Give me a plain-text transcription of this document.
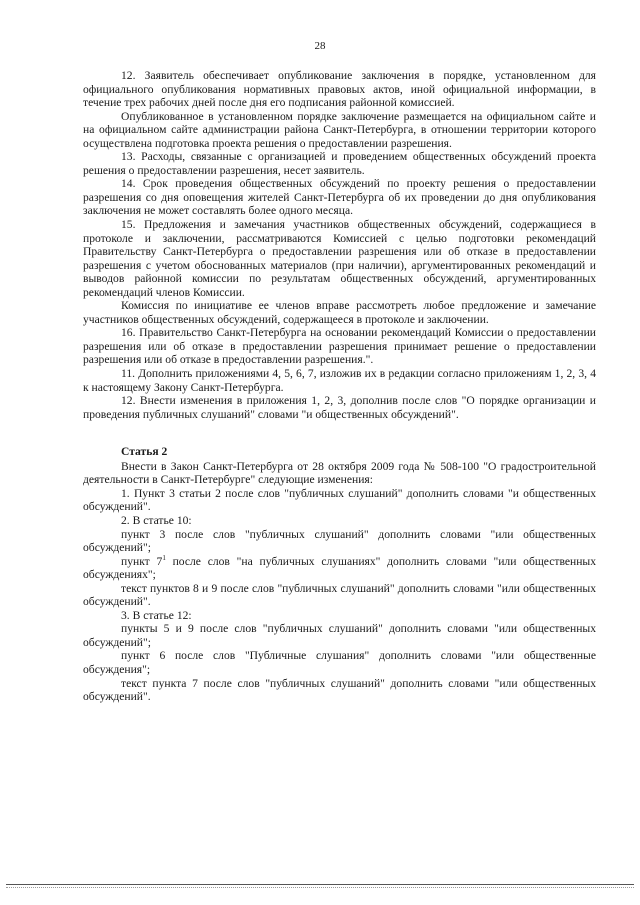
28

12. Заявитель обеспечивает опубликование заключения в порядке, установленном для официального опубликования нормативных правовых актов, иной официальной информации, в течение трех рабочих дней после дня его подписания районной комиссией.

Опубликованное в установленном порядке заключение размещается на официальном сайте и на официальном сайте администрации района Санкт-Петербурга, в отношении территории которого осуществлена подготовка проекта решения о предоставлении разрешения.

13. Расходы, связанные с организацией и проведением общественных обсуждений проекта решения о предоставлении разрешения, несет заявитель.

14. Срок проведения общественных обсуждений по проекту решения о предоставлении разрешения со дня оповещения жителей Санкт-Петербурга об их проведении до дня опубликования заключения не может составлять более одного месяца.

15. Предложения и замечания участников общественных обсуждений, содержащиеся в протоколе и заключении, рассматриваются Комиссией с целью подготовки рекомендаций Правительству Санкт-Петербурга о предоставлении разрешения или об отказе в предоставлении разрешения с учетом обоснованных материалов (при наличии), аргументированных рекомендаций и выводов районной комиссии по результатам общественных обсуждений, аргументированных рекомендаций членов Комиссии.

Комиссия по инициативе ее членов вправе рассмотреть любое предложение и замечание участников общественных обсуждений, содержащееся в протоколе и заключении.

16. Правительство Санкт-Петербурга на основании рекомендаций Комиссии о предоставлении разрешения или об отказе в предоставлении разрешения принимает решение о предоставлении разрешения или об отказе в предоставлении разрешения.".

11. Дополнить приложениями 4, 5, 6, 7, изложив их в редакции согласно приложениям 1, 2, 3, 4 к настоящему Закону Санкт-Петербурга.

12. Внести изменения в приложения 1, 2, 3, дополнив после слов "О порядке организации и проведения публичных слушаний" словами "и общественных обсуждений".

Статья 2

Внести в Закон Санкт-Петербурга от 28 октября 2009 года № 508-100 "О градостроительной деятельности в Санкт-Петербурге" следующие изменения:

1. Пункт 3 статьи 2 после слов "публичных слушаний" дополнить словами "и общественных обсуждений".

2. В статье 10:

пункт 3 после слов "публичных слушаний" дополнить словами "или общественных обсуждений";

пункт $7^1$ после слов "на публичных слушаниях" дополнить словами "или общественных обсуждениях";

текст пунктов 8 и 9 после слов "публичных слушаний" дополнить словами "или общественных обсуждений".

3. В статье 12:

пункты 5 и 9 после слов "публичных слушаний" дополнить словами "или общественных обсуждений";

пункт 6 после слов "Публичные слушания" дополнить словами "или общественные обсуждения";

текст пункта 7 после слов "публичных слушаний" дополнить словами "или общественных обсуждений".
